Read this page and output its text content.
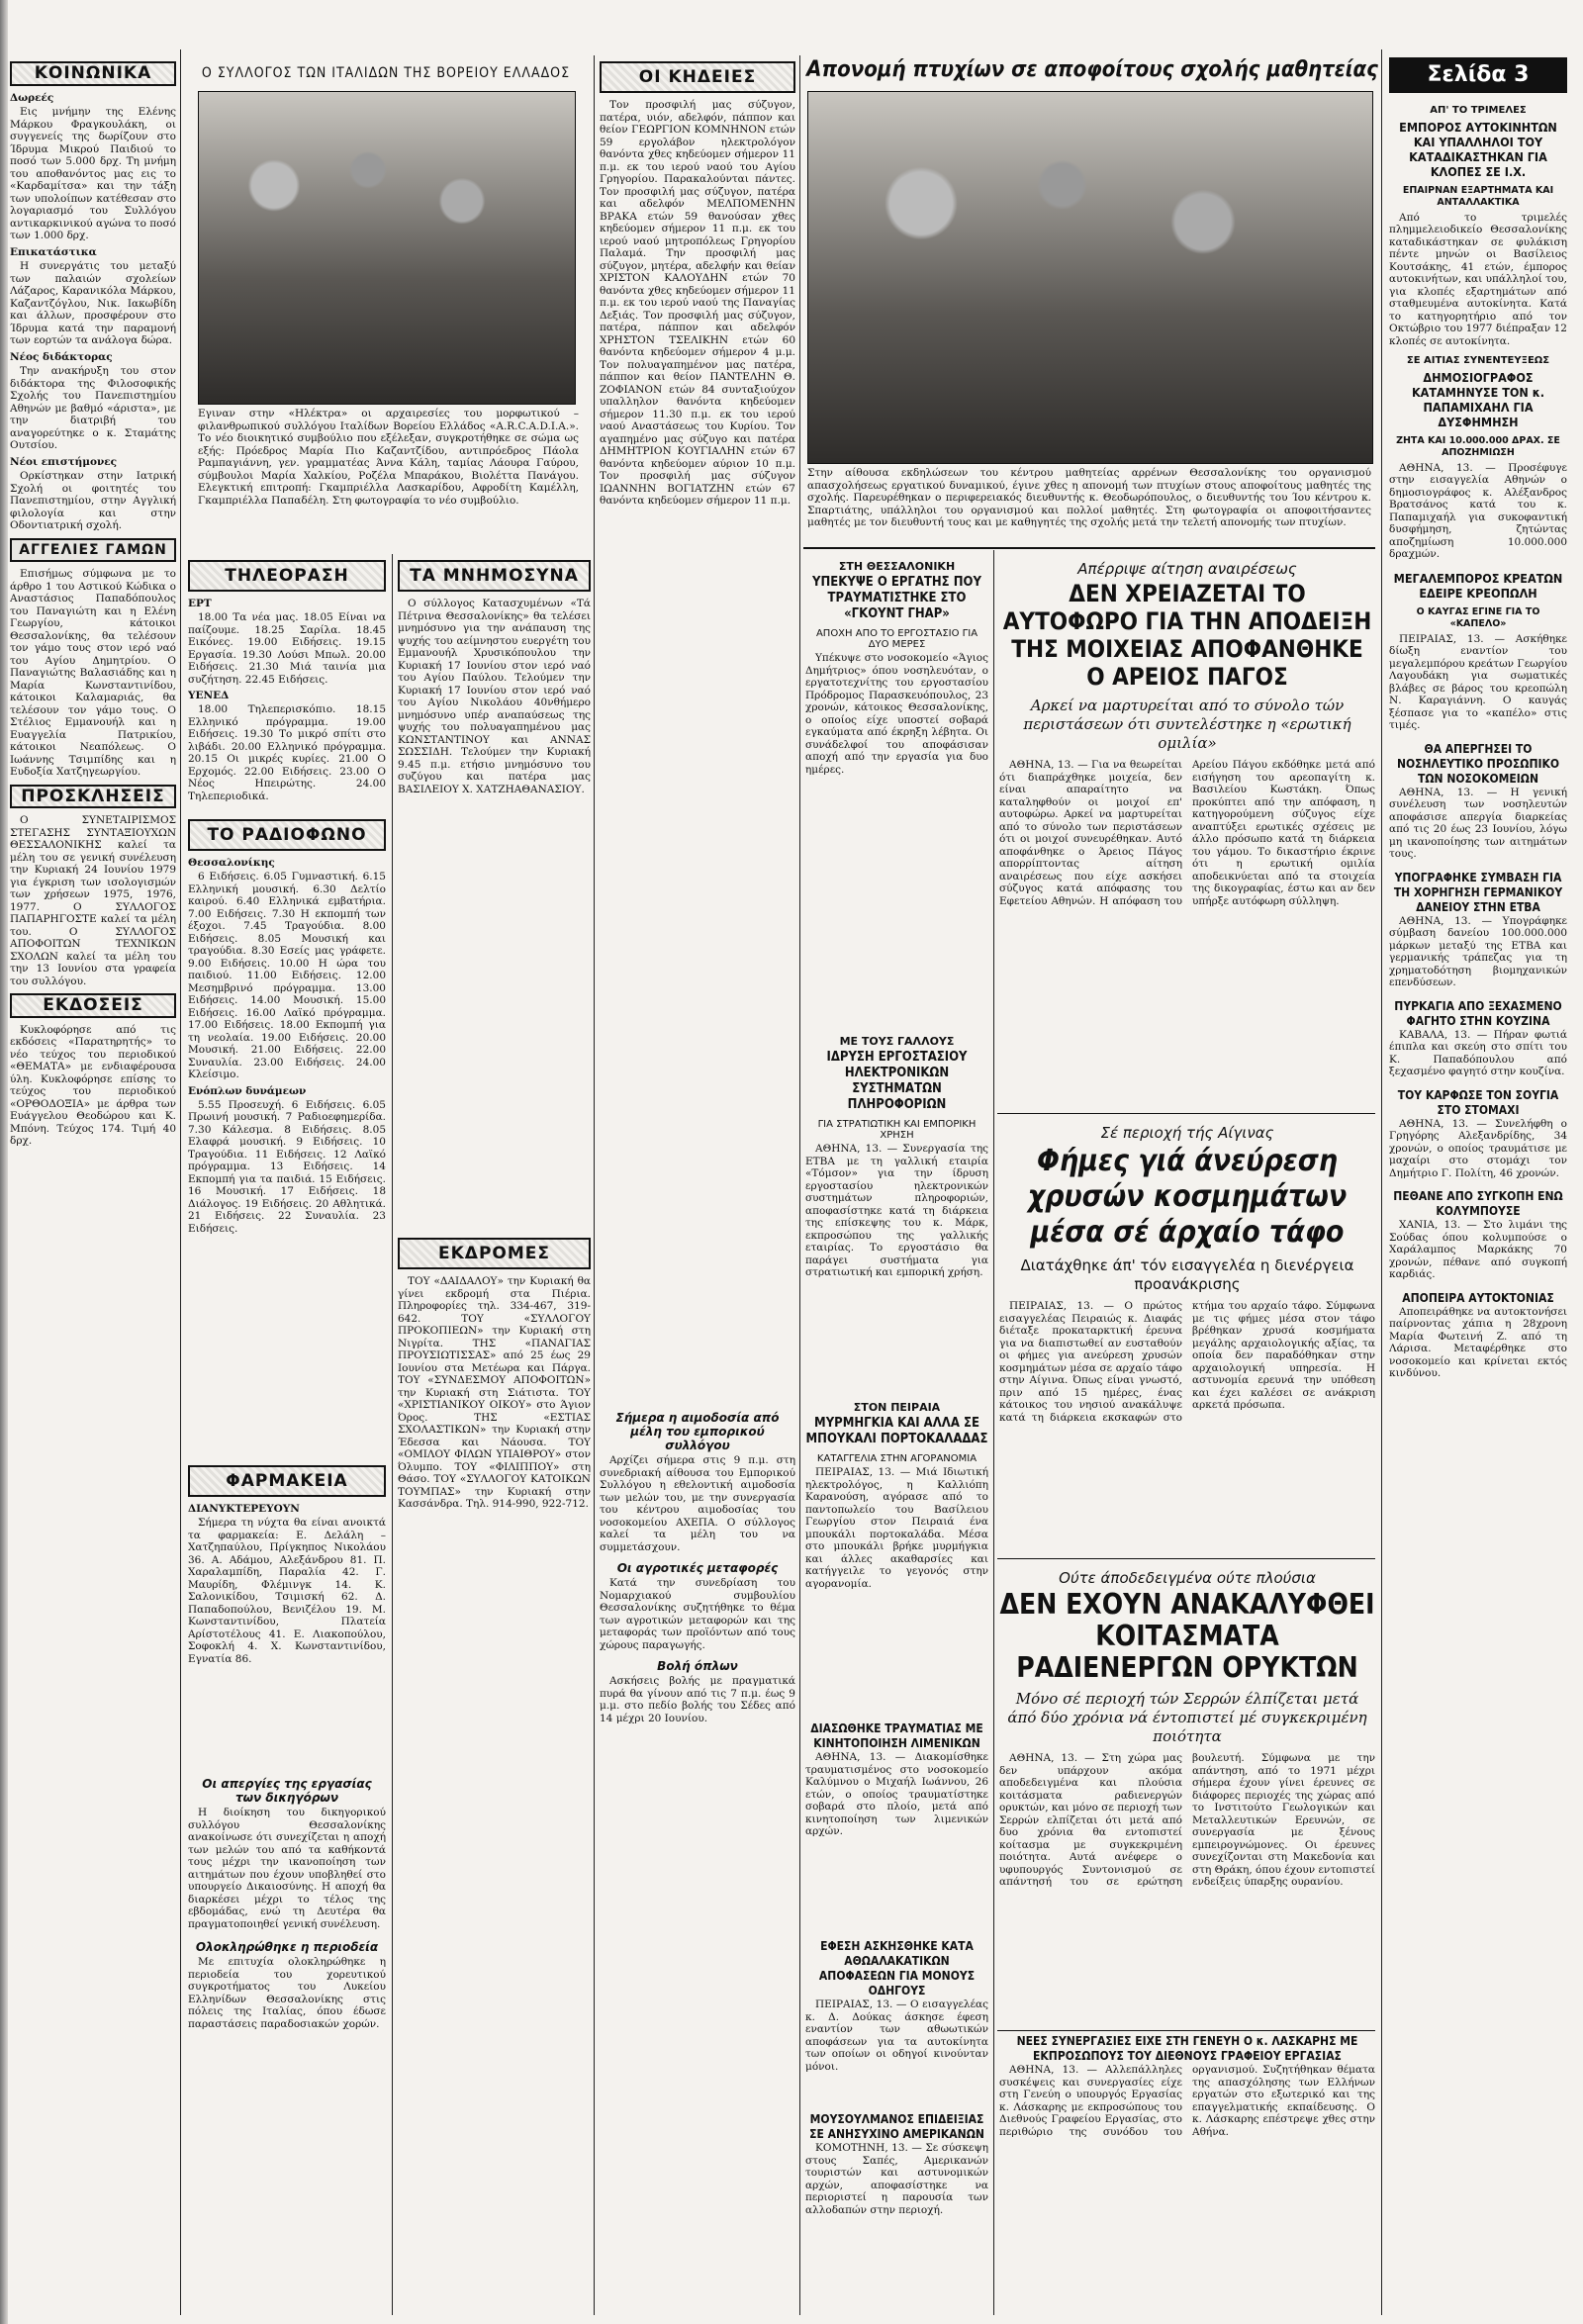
ΚΟΙΝΩΝΙΚΑ
Δωρεές

Εις μνήμην της Ελένης Μάρκου Φραγκουλάκη, οι συγγενείς της δωρίζουν στο Ίδρυμα Μικρού Παιδιού το ποσό των 5.000 δρχ. Τη μνήμη του αποθανόντος μας εις το «Καρδαμίτσα» και την τάξη των υπολοίπων κατέθεσαν στο λογαριασμό του Συλλόγου αντικαρκινικού αγώνα το ποσό των 1.000 δρχ.

Επικατάστικα

Η συνεργάτις του μεταξύ των παλαιών σχολείων Λάζαρος, Καρανικόλα Μάρκου, Καζαντζόγλου, Νικ. Ιακωβίδη και άλλων, προσφέρουν στο Ίδρυμα κατά την παραμονή των εορτών τα ανάλογα δώρα.

Νέος διδάκτορας

Την ανακήρυξη του στον διδάκτορα της Φιλοσοφικής Σχολής του Πανεπιστημίου Αθηνών με βαθμό «άριστα», με την διατριβή του αναγορεύτηκε ο κ. Σταμάτης Ουτσίου.

Νέοι επιστήμονες

Ορκίστηκαν στην Ιατρική Σχολή οι φοιτητές του Πανεπιστημίου, στην Αγγλική φιλολογία και στην Οδοντιατρική σχολή.

ΑΓΓΕΛΙΕΣ ΓΑΜΩΝ

Επισήμως σύμφωνα με το άρθρο 1 του Αστικού Κώδικα ο Αναστάσιος Παπαδόπουλος του Παναγιώτη και η Ελένη Γεωργίου, κάτοικοι Θεσσαλονίκης, θα τελέσουν τον γάμο τους στον ιερό ναό του Αγίου Δημητρίου. Ο Παναγιώτης Βαλασιάδης και η Μαρία Κωνσταντινίδου, κάτοικοι Καλαμαριάς, θα τελέσουν τον γάμο τους. Ο Στέλιος Εμμανουήλ και η Ευαγγελία Πατρικίου, κάτοικοι Νεαπόλεως. Ο Ιωάννης Τσιμπίδης και η Ευδοξία Χατζηγεωργίου.

ΠΡΟΣΚΛΗΣΕΙΣ

Ο ΣΥΝΕΤΑΙΡΙΣΜΟΣ ΣΤΕΓΑΣΗΣ ΣΥΝΤΑΞΙΟΥΧΩΝ ΘΕΣΣΑΛΟΝΙΚΗΣ καλεί τα μέλη του σε γενική συνέλευση την Κυριακή 24 Ιουνίου 1979 για έγκριση των ισολογισμών των χρήσεων 1975, 1976, 1977. Ο ΣΥΛΛΟΓΟΣ ΠΑΠΑΡΗΓΟΣΤΕ καλεί τα μέλη του. Ο ΣΥΛΛΟΓΟΣ ΑΠΟΦΟΙΤΩΝ ΤΕΧΝΙΚΩΝ ΣΧΟΛΩΝ καλεί τα μέλη του την 13 Ιουνίου στα γραφεία του συλλόγου.

ΕΚΔΟΣΕΙΣ

Κυκλοφόρησε από τις εκδόσεις «Παρατηρητής» το νέο τεύχος του περιοδικού «ΘΕΜΑΤΑ» με ενδιαφέρουσα ύλη. Κυκλοφόρησε επίσης το τεύχος του περιοδικού «ΟΡΘΟΔΟΞΙΑ» με άρθρα των Ευάγγελου Θεοδώρου και Κ. Μπόνη. Τεύχος 174. Τιμή 40 δρχ.

Ο ΣΥΛΛΟΓΟΣ ΤΩΝ ΙΤΑΛΙΔΩΝ ΤΗΣ ΒΟΡΕΙΟΥ ΕΛΛΑΔΟΣ
Εγιναν στην «Ηλέκτρα» οι αρχαιρεσίες του μορφωτικού – φιλανθρωπικού συλλόγου Ιταλίδων Βορείου Ελλάδος «A.R.C.A.D.I.A.». Το νέο διοικητικό συμβούλιο που εξέλεξαν, συγκροτήθηκε σε σώμα ως εξής: Πρόεδρος Μαρία Πιο Καζαντζίδου, αντιπρόεδρος Πάολα Ραμπαγιάννη, γεν. γραμματέας Άννα Κάλη, ταμίας Λάουρα Γαύρου, σύμβουλοι Μαρία Χαλκίου, Ροζέλα Μπαράκου, Βιολέττα Πανάγου. Ελεγκτική επιτροπή: Γκαμπριέλλα Λασκαρίδου, Αφροδίτη Καμέλλη, Γκαμπριέλλα Παπαδέλη. Στη φωτογραφία το νέο συμβούλιο.
ΤΗΛΕΟΡΑΣΗ
ΕΡΤ

18.00 Τα νέα μας. 18.05 Είναι να παίζουμε. 18.25 Σαρίλα. 18.45 Εικόνες. 19.00 Ειδήσεις. 19.15 Εργασία. 19.30 Λούσι Μπωλ. 20.00 Ειδήσεις. 21.30 Μιά ταινία μια συζήτηση. 22.45 Ειδήσεις.

ΥΕΝΕΔ

18.00 Τηλεπερισκόπιο. 18.15 Ελληνικό πρόγραμμα. 19.00 Ειδήσεις. 19.30 Το μικρό σπίτι στο λιβάδι. 20.00 Ελληνικό πρόγραμμα. 20.15 Οι μικρές κυρίες. 21.00 Ο Ερχομός. 22.00 Ειδήσεις. 23.00 Ο Νέος Ηπειρώτης. 24.00 Τηλεπεριοδικά.

ΤΟ ΡΑΔΙΟΦΩΝΟ
Θεσσαλονίκης

6 Ειδήσεις. 6.05 Γυμναστική. 6.15 Ελληνική μουσική. 6.30 Δελτίο καιρού. 6.40 Ελληνικά εμβατήρια. 7.00 Ειδήσεις. 7.30 Η εκπομπή των έξοχοι. 7.45 Τραγούδια. 8.00 Ειδήσεις. 8.05 Μουσική και τραγούδια. 8.30 Εσείς μας γράφετε. 9.00 Ειδήσεις. 10.00 Η ώρα του παιδιού. 11.00 Ειδήσεις. 12.00 Μεσημβρινό πρόγραμμα. 13.00 Ειδήσεις. 14.00 Μουσική. 15.00 Ειδήσεις. 16.00 Λαϊκό πρόγραμμα. 17.00 Ειδήσεις. 18.00 Εκπομπή για τη νεολαία. 19.00 Ειδήσεις. 20.00 Μουσική. 21.00 Ειδήσεις. 22.00 Συναυλία. 23.00 Ειδήσεις. 24.00 Κλείσιμο.

Ενόπλων δυνάμεων

5.55 Προσευχή. 6 Ειδήσεις. 6.05 Πρωινή μουσική. 7 Ραδιοεφημερίδα. 7.30 Κάλεσμα. 8 Ειδήσεις. 8.05 Ελαφρά μουσική. 9 Ειδήσεις. 10 Τραγούδια. 11 Ειδήσεις. 12 Λαϊκό πρόγραμμα. 13 Ειδήσεις. 14 Εκπομπή για τα παιδιά. 15 Ειδήσεις. 16 Μουσική. 17 Ειδήσεις. 18 Διάλογος. 19 Ειδήσεις. 20 Αθλητικά. 21 Ειδήσεις. 22 Συναυλία. 23 Ειδήσεις.

ΦΑΡΜΑΚΕΙΑ
ΔΙΑΝΥΚΤΕΡΕΥΟΥΝ

Σήμερα τη νύχτα θα είναι ανοικτά τα φαρμακεία: Ε. Δελάλη – Χατζηπαύλου, Πρίγκηπος Νικολάου 36. Α. Αδάμου, Αλεξάνδρου 81. Π. Χαραλαμπίδη, Παραλία 42. Γ. Μαυρίδη, Φλέμινγκ 14. Κ. Σαλονικίδου, Τσιμισκή 62. Δ. Παπαδοπούλου, Βενιζέλου 19. Μ. Κωνσταντινίδου, Πλατεία Αρίστοτέλους 41. Ε. Λιακοπούλου, Σοφοκλή 4. Χ. Κωνσταντινίδου, Εγνατία 86.

Οι απεργίες της εργασίας των δικηγόρων

Η διοίκηση του δικηγορικού συλλόγου Θεσσαλονίκης ανακοίνωσε ότι συνεχίζεται η αποχή των μελών του από τα καθήκοντά τους μέχρι την ικανοποίηση των αιτημάτων που έχουν υποβληθεί στο υπουργείο Δικαιοσύνης. Η αποχή θα διαρκέσει μέχρι το τέλος της εβδομάδας, ενώ τη Δευτέρα θα πραγματοποιηθεί γενική συνέλευση.

Ολοκληρώθηκε η περιοδεία

Με επιτυχία ολοκληρώθηκε η περιοδεία του χορευτικού συγκροτήματος του Λυκείου Ελληνίδων Θεσσαλονίκης στις πόλεις της Ιταλίας, όπου έδωσε παραστάσεις παραδοσιακών χορών.

ΤΑ ΜΝΗΜΟΣΥΝΑ

Ο σύλλογος Κατασχυμένων «Τά Πέτρινα Θεσσαλονίκης» θα τελέσει μνημόσυνο για την ανάπαυση της ψυχής του αείμνηστου ευεργέτη του Εμμανουήλ Χρυσικόπουλου την Κυριακή 17 Ιουνίου στον ιερό ναό του Αγίου Παύλου. Τελούμεν την Κυριακή 17 Ιουνίου στον ιερό ναό του Αγίου Νικολάου 40νθήμερο μνημόσυνο υπέρ αναπαύσεως της ψυχής του πολυαγαπημένου μας ΚΩΝΣΤΑΝΤΙΝΟΥ και ΑΝΝΑΣ ΣΩΣΣΙΔΗ. Τελούμεν την Κυριακή 9.45 π.μ. ετήσιο μνημόσυνο του συζύγου και πατέρα μας ΒΑΣΙΛΕΙΟΥ Χ. ΧΑΤΖΗΑΘΑΝΑΣΙΟΥ.

ΕΚΔΡΟΜΕΣ

ΤΟΥ «ΔΑΙΔΑΛΟΥ» την Κυριακή θα γίνει εκδρομή στα Πιέρια. Πληροφορίες τηλ. 334-467, 319-642. ΤΟΥ «ΣΥΛΛΟΓΟΥ ΠΡΟΚΟΠΙΕΩΝ» την Κυριακή στη Νιγρίτα. ΤΗΣ «ΠΑΝΑΓΙΑΣ ΠΡΟΥΣΙΩΤΙΣΣΑΣ» από 25 έως 29 Ιουνίου στα Μετέωρα και Πάργα. ΤΟΥ «ΣΥΝΔΕΣΜΟΥ ΑΠΟΦΟΙΤΩΝ» την Κυριακή στη Σιάτιστα. ΤΟΥ «ΧΡΙΣΤΙΑΝΙΚΟΥ ΟΙΚΟΥ» στο Άγιον Όρος. ΤΗΣ «ΕΣΤΙΑΣ ΣΧΟΛΑΣΤΙΚΩΝ» την Κυριακή στην Έδεσσα και Νάουσα. ΤΟΥ «ΟΜΙΛΟΥ ΦΙΛΩΝ ΥΠΑΙΘΡΟΥ» στον Όλυμπο. ΤΟΥ «ΦΙΛΙΠΠΟΥ» στη Θάσο. ΤΟΥ «ΣΥΛΛΟΓΟΥ ΚΑΤΟΙΚΩΝ ΤΟΥΜΠΑΣ» την Κυριακή στην Κασσάνδρα. Τηλ. 914-990, 922-712.

ΟΙ ΚΗΔΕΙΕΣ

Τον προσφιλή μας σύζυγον, πατέρα, υιόν, αδελφόν, πάππον και θείον ΓΕΩΡΓΙΟΝ ΚΟΜΝΗΝΟΝ ετών 59 εργολάβον ηλεκτρολόγον θανόντα χθες κηδεύομεν σήμερον 11 π.μ. εκ του ιερού ναού του Αγίου Γρηγορίου. Παρακαλούνται πάντες. Τον προσφιλή μας σύζυγον, πατέρα και αδελφόν ΜΕΛΠΟΜΕΝΗΝ ΒΡΑΚΑ ετών 59 θανούσαν χθες κηδεύομεν σήμερον 11 π.μ. εκ του ιερού ναού μητροπόλεως Γρηγορίου Παλαμά. Την προσφιλή μας σύζυγον, μητέρα, αδελφήν και θείαν ΧΡΙΣΤΟΝ ΚΑΛΟΥΔΗΝ ετών 70 θανόντα χθες κηδεύομεν σήμερον 11 π.μ. εκ του ιερού ναού της Παναγίας Δεξιάς. Τον προσφιλή μας σύζυγον, πατέρα, πάππον και αδελφόν ΧΡΗΣΤΟΝ ΤΣΕΛΙΚΗΝ ετών 60 θανόντα κηδεύομεν σήμερον 4 μ.μ. Τον πολυαγαπημένον μας πατέρα, πάππον και θείον ΠΑΝΤΕΛΗΝ Θ. ΖΟΦΙΑΝΟΝ ετών 84 συνταξιούχον υπαλληλον θανόντα κηδεύομεν σήμερον 11.30 π.μ. εκ του ιερού ναού Αναστάσεως του Κυρίου. Τον αγαπημένο μας σύζυγο και πατέρα ΔΗΜΗΤΡΙΟΝ ΚΟΥΓΙΑΛΗΝ ετών 67 θανόντα κηδεύομεν αύριον 10 π.μ. Τον προσφιλή μας σύζυγον ΙΩΑΝΝΗΝ ΒΟΓΙΑΤΖΗΝ ετών 67 θανόντα κηδεύομεν σήμερον 11 π.μ.

Σήμερα η αιμοδοσία από μέλη του εμπορικού συλλόγου

Αρχίζει σήμερα στις 9 π.μ. στη συνεδριακή αίθουσα του Εμπορικού Συλλόγου η εθελοντική αιμοδοσία των μελών του, με την συνεργασία του κέντρου αιμοδοσίας του νοσοκομείου ΑΧΕΠΑ. Ο σύλλογος καλεί τα μέλη του να συμμετάσχουν.

Οι αγροτικές μεταφορές

Κατά την συνεδρίαση του Νομαρχιακού συμβουλίου Θεσσαλονίκης συζητήθηκε το θέμα των αγροτικών μεταφορών και της μεταφοράς των προϊόντων από τους χώρους παραγωγής.

Βολή όπλων

Ασκήσεις βολής με πραγματικά πυρά θα γίνουν από τις 7 π.μ. έως 9 μ.μ. στο πεδίο βολής του Σέδες από 14 μέχρι 20 Ιουνίου.

Απονομή πτυχίων σε αποφοίτους σχολής μαθητείας
Στην αίθουσα εκδηλώσεων του κέντρου μαθητείας αρρένων Θεσσαλονίκης του οργανισμού απασχολήσεως εργατικού δυναμικού, έγινε χθες η απονομή των πτυχίων στους αποφοίτους μαθητές της σχολής. Παρευρέθηκαν ο περιφερειακός διευθυντής κ. Θεοδωρόπουλος, ο διευθυντής του Ίου κέντρου κ. Σπαρτιάτης, υπάλληλοι του οργανισμού και πολλοί μαθητές. Στη φωτογραφία οι αποφοιτήσαντες μαθητές με τον διευθυντή τους και με καθηγητές της σχολής μετά την τελετή απονομής των πτυχίων.
ΣΤΗ ΘΕΣΣΑΛΟΝΙΚΗ
ΥΠΕΚΥΨΕ Ο ΕΡΓΑΤΗΣ ΠΟΥ ΤΡΑΥΜΑΤΙΣΤΗΚΕ ΣΤΟ «ΓΚΟΥΝΤ ΓΗΑΡ»
ΑΠΟΧΗ ΑΠΟ ΤΟ ΕΡΓΟΣΤΑΣΙΟ ΓΙΑ ΔΥΟ ΜΕΡΕΣ

Υπέκυψε στο νοσοκομείο «Άγιος Δημήτριος» όπου νοσηλευόταν, ο εργατοτεχνίτης του εργοστασίου Πρόδρομος Παρασκευόπουλος, 23 χρονών, κάτοικος Θεσσαλονίκης, ο οποίος είχε υποστεί σοβαρά εγκαύματα από έκρηξη λέβητα. Οι συνάδελφοί του αποφάσισαν αποχή από την εργασία για δυο ημέρες.

ΜΕ ΤΟΥΣ ΓΑΛΛΟΥΣ
ΙΔΡΥΣΗ ΕΡΓΟΣΤΑΣΙΟΥ ΗΛΕΚΤΡΟΝΙΚΩΝ ΣΥΣΤΗΜΑΤΩΝ ΠΛΗΡΟΦΟΡΙΩΝ
ΓΙΑ ΣΤΡΑΤΙΩΤΙΚΗ ΚΑΙ ΕΜΠΟΡΙΚΗ ΧΡΗΣΗ

ΑΘΗΝΑ, 13. — Συνεργασία της ΕΤΒΑ με τη γαλλική εταιρία «Τόμσον» για την ίδρυση εργοστασίου ηλεκτρονικών συστημάτων πληροφοριών, αποφασίστηκε κατά τη διάρκεια της επίσκεψης του κ. Μάρκ, εκπροσώπου της γαλλικής εταιρίας. Το εργοστάσιο θα παράγει συστήματα για στρατιωτική και εμπορική χρήση.

ΣΤΟΝ ΠΕΙΡΑΙΑ
ΜΥΡΜΗΓΚΙΑ ΚΑΙ ΑΛΛΑ ΣΕ ΜΠΟΥΚΑΛΙ ΠΟΡΤΟΚΑΛΑΔΑΣ
ΚΑΤΑΓΓΕΛΙΑ ΣΤΗΝ ΑΓΟΡΑΝΟΜΙΑ

ΠΕΙΡΑΙΑΣ, 13. — Μιά Ιδιωτική ηλεκτρολόγος, η Καλλιόπη Καρανούση, αγόρασε από το παντοπωλείο του Βασίλειου Γεωργίου στον Πειραιά ένα μπουκάλι πορτοκαλάδα. Μέσα στο μπουκάλι βρήκε μυρμήγκια και άλλες ακαθαρσίες και κατήγγειλε το γεγονός στην αγορανομία.

ΔΙΑΣΩΘΗΚΕ ΤΡΑΥΜΑΤΙΑΣ ΜΕ ΚΙΝΗΤΟΠΟΙΗΣΗ ΛΙΜΕΝΙΚΩΝ

ΑΘΗΝΑ, 13. — Διακομίσθηκε τραυματισμένος στο νοσοκομείο Καλύμνου ο Μιχαήλ Ιωάννου, 26 ετών, ο οποίος τραυματίστηκε σοβαρά στο πλοίο, μετά από κινητοποίηση των λιμενικών αρχών.

ΕΦΕΣΗ ΑΣΚΗΣΘΗΚΕ ΚΑΤΑ ΑΘΩΑΛΑΚΑΤΙΚΩΝ ΑΠΟΦΑΣΕΩΝ ΓΙΑ ΜΟΝΟΥΣ ΟΔΗΓΟΥΣ

ΠΕΙΡΑΙΑΣ, 13. — Ο εισαγγελέας κ. Δ. Δούκας άσκησε έφεση εναντίον των αθωωτικών αποφάσεων για τα αυτοκίνητα των οποίων οι οδηγοί κινούνταν μόνοι.

ΜΟΥΣΟΥΛΜΑΝΟΣ ΕΠΙΔΕΙΞΙΑΣ ΣΕ ΑΝΗΣΥΧΙΝΟ ΑΜΕΡΙΚΑΝΩΝ

ΚΟΜΟΤΗΝΗ, 13. — Σε σύσκεψη στους Σαπές, Αμερικανών τουριστών και αστυνομικών αρχών, αποφασίστηκε να περιοριστεί η παρουσία των αλλοδαπών στην περιοχή.

Απέρριψε αίτηση αναιρέσεως
ΔΕΝ ΧΡΕΙΑΖΕΤΑΙ ΤΟ ΑΥΤΟΦΩΡΟ ΓΙΑ ΤΗΝ ΑΠΟΔΕΙΞΗ ΤΗΣ ΜΟΙΧΕΙΑΣ ΑΠΟΦΑΝΘΗΚΕ Ο ΑΡΕΙΟΣ ΠΑΓΟΣ
Αρκεί να μαρτυρείται από το σύνολο τών περιστάσεων ότι συντελέστηκε η «ερωτική ομιλία»

ΑΘΗΝΑ, 13. — Για να θεωρείται ότι διαπράχθηκε μοιχεία, δεν είναι απαραίτητο να καταληφθούν οι μοιχοί επ' αυτοφώρω. Αρκεί να μαρτυρείται από το σύνολο των περιστάσεων ότι οι μοιχοί συνευρέθηκαν. Αυτό αποφάνθηκε ο Άρειος Πάγος απορρίπτοντας αίτηση αναιρέσεως που είχε ασκήσει σύζυγος κατά απόφασης του Εφετείου Αθηνών. Η απόφαση του Αρείου Πάγου εκδόθηκε μετά από εισήγηση του αρεοπαγίτη κ. Βασιλείου Κωστάκη. Όπως προκύπτει από την απόφαση, η κατηγορούμενη σύζυγος είχε αναπτύξει ερωτικές σχέσεις με άλλο πρόσωπο κατά τη διάρκεια του γάμου. Το δικαστήριο έκρινε ότι η ερωτική ομιλία αποδεικνύεται από τα στοιχεία της δικογραφίας, έστω και αν δεν υπήρξε αυτόφωρη σύλληψη.

Σέ περιοχή τής Αίγινας
Φήμες γιά άνεύρεση χρυσών κοσμημάτων μέσα σέ άρχαίο τάφο
Διατάχθηκε άπ' τόν εισαγγελέα η διενέργεια προανάκρισης

ΠΕΙΡΑΙΑΣ, 13. — Ο πρώτος εισαγγελέας Πειραιώς κ. Διαφάς διέταξε προκαταρκτική έρευνα για να διαπιστωθεί αν ευσταθούν οι φήμες για ανεύρεση χρυσών κοσμημάτων μέσα σε αρχαίο τάφο στην Αίγινα. Όπως είναι γνωστό, πριν από 15 ημέρες, ένας κάτοικος του νησιού ανακάλυψε κατά τη διάρκεια εκσκαφών στο κτήμα του αρχαίο τάφο. Σύμφωνα με τις φήμες μέσα στον τάφο βρέθηκαν χρυσά κοσμήματα μεγάλης αρχαιολογικής αξίας, τα οποία δεν παραδόθηκαν στην αρχαιολογική υπηρεσία. Η αστυνομία ερευνά την υπόθεση και έχει καλέσει σε ανάκριση αρκετά πρόσωπα.

Ούτε άποδεδειγμένα ούτε πλούσια
ΔΕΝ ΕΧΟΥΝ ΑΝΑΚΑΛΥΦΘΕΙ ΚΟΙΤΑΣΜΑΤΑ ΡΑΔΙΕΝΕΡΓΩΝ ΟΡΥΚΤΩΝ
Μόνο σέ περιοχή τών Σερρών έλπίζεται μετά άπό δύο χρόνια νά έντοπιστεί μέ συγκεκριμένη ποιότητα

ΑΘΗΝΑ, 13. — Στη χώρα μας δεν υπάρχουν ακόμα αποδεδειγμένα και πλούσια κοιτάσματα ραδιενεργών ορυκτών, και μόνο σε περιοχή των Σερρών ελπίζεται ότι μετά από δυο χρόνια θα εντοπιστεί κοίτασμα με συγκεκριμένη ποιότητα. Αυτά ανέφερε ο υφυπουργός Συντονισμού σε απάντησή του σε ερώτηση βουλευτή. Σύμφωνα με την απάντηση, από το 1971 μέχρι σήμερα έχουν γίνει έρευνες σε διάφορες περιοχές της χώρας από το Ινστιτούτο Γεωλογικών και Μεταλλευτικών Ερευνών, σε συνεργασία με ξένους εμπειρογνώμονες. Οι έρευνες συνεχίζονται στη Μακεδονία και στη Θράκη, όπου έχουν εντοπιστεί ενδείξεις ύπαρξης ουρανίου.

ΝΕΕΣ ΣΥΝΕΡΓΑΣΙΕΣ ΕΙΧΕ ΣΤΗ ΓΕΝΕΥΗ Ο κ. ΛΑΣΚΑΡΗΣ ΜΕ ΕΚΠΡΟΣΩΠΟΥΣ ΤΟΥ ΔΙΕΘΝΟΥΣ ΓΡΑΦΕΙΟΥ ΕΡΓΑΣΙΑΣ

ΑΘΗΝΑ, 13. — Αλλεπάλληλες συσκέψεις και συνεργασίες είχε στη Γενεύη ο υπουργός Εργασίας κ. Λάσκαρης με εκπροσώπους του Διεθνούς Γραφείου Εργασίας, στο περιθώριο της συνόδου του οργανισμού. Συζητήθηκαν θέματα της απασχόλησης των Ελλήνων εργατών στο εξωτερικό και της επαγγελματικής εκπαίδευσης. Ο κ. Λάσκαρης επέστρεψε χθες στην Αθήνα.

Σελίδα 3
ΑΠ' ΤΟ ΤΡΙΜΕΛΕΣ
ΕΜΠΟΡΟΣ ΑΥΤΟΚΙΝΗΤΩΝ ΚΑΙ ΥΠΑΛΛΗΛΟΙ ΤΟΥ ΚΑΤΑΔΙΚΑΣΤΗΚΑΝ ΓΙΑ ΚΛΟΠΕΣ ΣΕ Ι.Χ.
ΕΠΑΙΡΝΑΝ ΕΞΑΡΤΗΜΑΤΑ ΚΑΙ ΑΝΤΑΛΛΑΚΤΙΚΑ

Από το τριμελές πλημμελειοδικείο Θεσσαλονίκης καταδικάστηκαν σε φυλάκιση πέντε μηνών οι Βασίλειος Κουτσάκης, 41 ετών, έμπορος αυτοκινήτων, και υπάλληλοί του, για κλοπές εξαρτημάτων από σταθμευμένα αυτοκίνητα. Κατά το κατηγορητήριο από τον Οκτώβριο του 1977 διέπραξαν 12 κλοπές σε αυτοκίνητα.

ΣΕ ΑΙΤΙΑΣ ΣΥΝΕΝΤΕΥΞΕΩΣ
ΔΗΜΟΣΙΟΓΡΑΦΟΣ ΚΑΤΑΜΗΝΥΣΕ ΤΟΝ κ. ΠΑΠΑΜΙΧΑΗΛ ΓΙΑ ΔΥΣΦΗΜΗΣΗ
ΖΗΤΑ ΚΑΙ 10.000.000 ΔΡΑΧ. ΣΕ ΑΠΟΖΗΜΙΩΣΗ

ΑΘΗΝΑ, 13. — Προσέφυγε στην εισαγγελία Αθηνών ο δημοσιογράφος κ. Αλέξανδρος Βρατσάνος κατά του κ. Παπαμιχαήλ για συκοφαντική δυσφήμηση, ζητώντας αποζημίωση 10.000.000 δραχμών.

ΜΕΓΑΛΕΜΠΟΡΟΣ ΚΡΕΑΤΩΝ ΕΔΕΙΡΕ ΚΡΕΟΠΩΛΗ
Ο ΚΑΥΓΑΣ ΕΓΙΝΕ ΓΙΑ ΤΟ «ΚΑΠΕΛΟ»

ΠΕΙΡΑΙΑΣ, 13. — Ασκήθηκε δίωξη εναντίον του μεγαλεμπόρου κρεάτων Γεωργίου Λαγουδάκη για σωματικές βλάβες σε βάρος του κρεοπώλη Ν. Καραγιάννη. Ο καυγάς ξέσπασε για το «καπέλο» στις τιμές.

ΘΑ ΑΠΕΡΓΗΣΕΙ ΤΟ ΝΟΣΗΛΕΥΤΙΚΟ ΠΡΟΣΩΠΙΚΟ ΤΩΝ ΝΟΣΟΚΟΜΕΙΩΝ

ΑΘΗΝΑ, 13. — Η γενική συνέλευση των νοσηλευτών αποφάσισε απεργία διαρκείας από τις 20 έως 23 Ιουνίου, λόγω μη ικανοποίησης των αιτημάτων τους.

ΥΠΟΓΡΑΦΗΚΕ ΣΥΜΒΑΣΗ ΓΙΑ ΤΗ ΧΟΡΗΓΗΣΗ ΓΕΡΜΑΝΙΚΟΥ ΔΑΝΕΙΟΥ ΣΤΗΝ ΕΤΒΑ

ΑΘΗΝΑ, 13. — Υπογράφηκε σύμβαση δανείου 100.000.000 μάρκων μεταξύ της ΕΤΒΑ και γερμανικής τράπεζας για τη χρηματοδότηση βιομηχανικών επενδύσεων.

ΠΥΡΚΑΓΙΑ ΑΠΟ ΞΕΧΑΣΜΕΝΟ ΦΑΓΗΤΟ ΣΤΗΝ ΚΟΥΖΙΝΑ

ΚΑΒΑΛΑ, 13. — Πήραν φωτιά έπιπλα και σκεύη στο σπίτι του Κ. Παπαδόπουλου από ξεχασμένο φαγητό στην κουζίνα.

ΤΟΥ ΚΑΡΦΩΣΕ ΤΟΝ ΣΟΥΓΙΑ ΣΤΟ ΣΤΟΜΑΧΙ

ΑΘΗΝΑ, 13. — Συνελήφθη ο Γρηγόρης Αλεξανδρίδης, 34 χρονών, ο οποίος τραυμάτισε με μαχαίρι στο στομάχι τον Δημήτριο Γ. Πολίτη, 46 χρονών.

ΠΕΘΑΝΕ ΑΠΟ ΣΥΓΚΟΠΗ ΕΝΩ ΚΟΛΥΜΠΟΥΣΕ

ΧΑΝΙΑ, 13. — Στο λιμάνι της Σούδας όπου κολυμπούσε ο Χαράλαμπος Μαρκάκης 70 χρονών, πέθανε από συγκοπή καρδιάς.

ΑΠΟΠΕΙΡΑ ΑΥΤΟΚΤΟΝΙΑΣ

Αποπειράθηκε να αυτοκτονήσει παίρνοντας χάπια η 28χρονη Μαρία Φωτεινή Ζ. από τη Λάρισα. Μεταφέρθηκε στο νοσοκομείο και κρίνεται εκτός κινδύνου.
